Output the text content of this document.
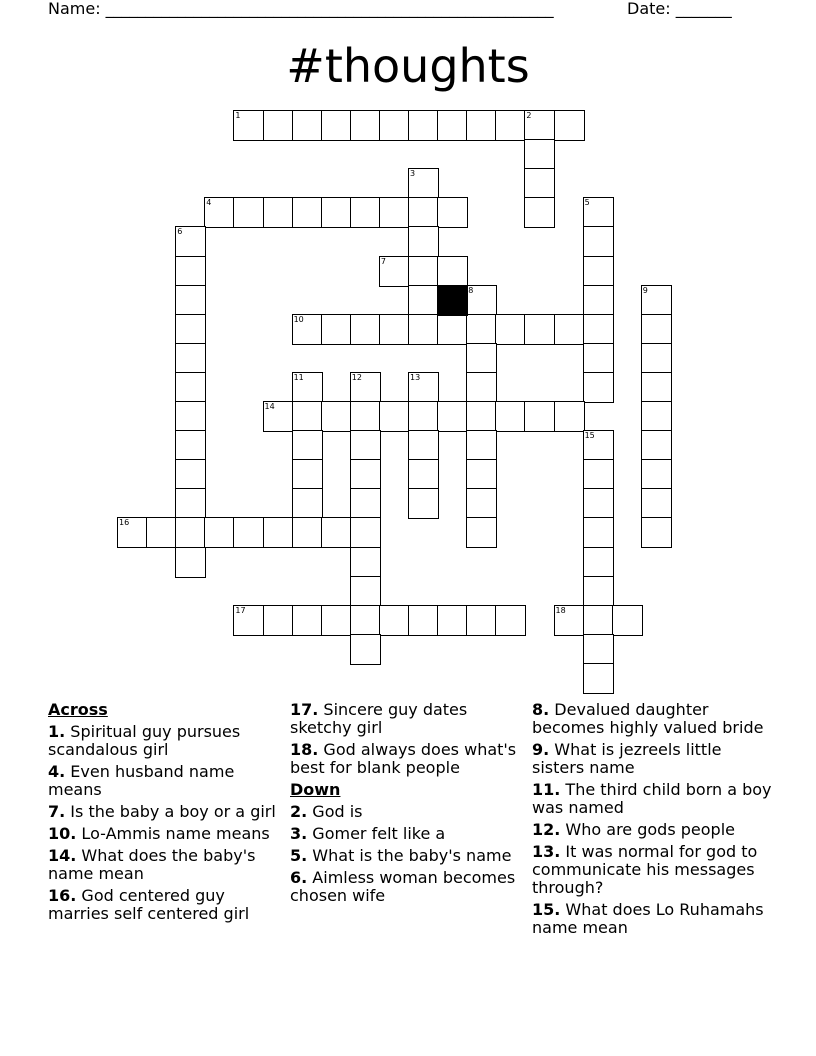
Name: ________________________________________________________	Date: _______
#thoughts
1	2
3
4	5
6
7
8	9
10
11	12	13
14
15
16
17	18
Across
1. Spiritual guy pursues scandalous girl
4. Even husband name means
7. Is the baby a boy or a girl
10. Lo-Ammis name means
14. What does the baby's name mean
16. God centered guy marries self centered girl
17. Sincere guy dates sketchy girl
18. God always does what's best for blank people
Down
2. God is
3. Gomer felt like a
5. What is the baby's name
6. Aimless woman becomes chosen wife
8. Devalued daughter becomes highly valued bride
9. What is jezreels little sisters name
11. The third child born a boy was named
12. Who are gods people
13. It was normal for god to communicate his messages through?
15. What does Lo Ruhamahs name mean
